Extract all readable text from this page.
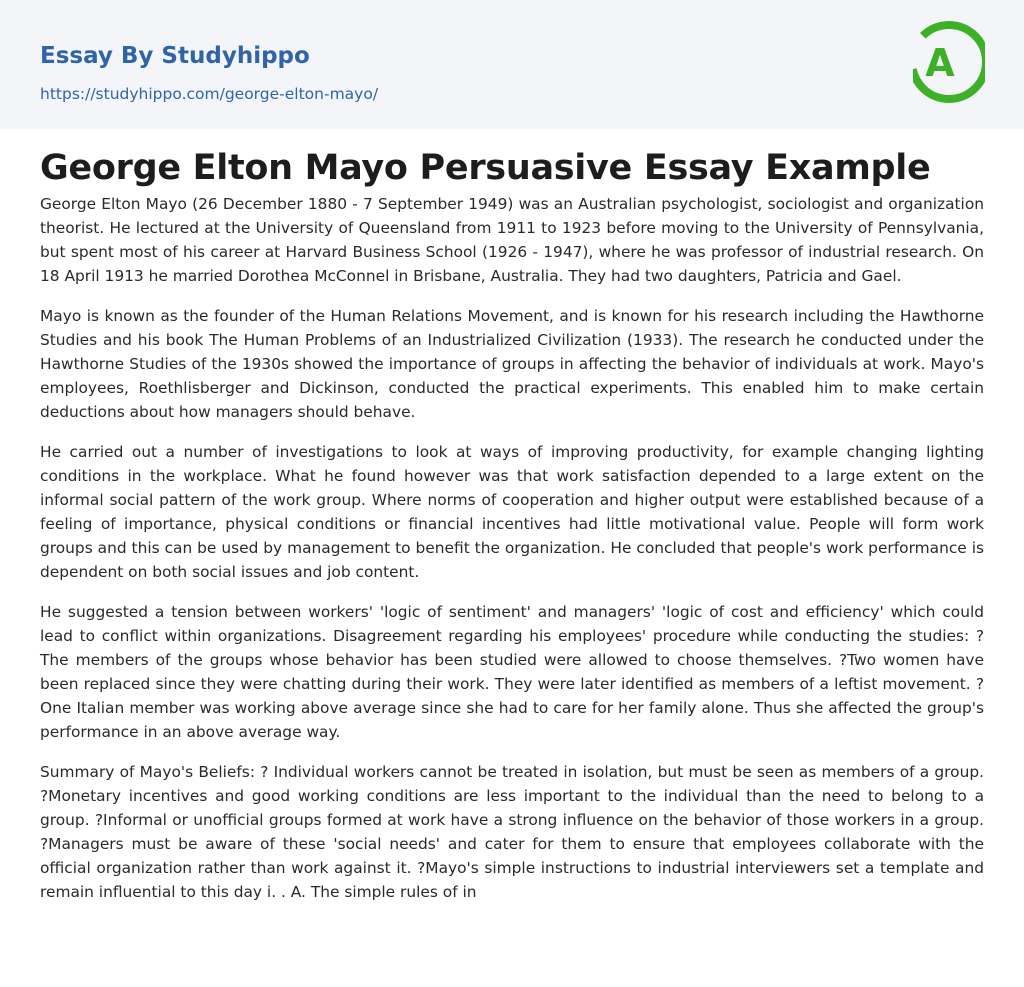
Essay By Studyhippo
https://studyhippo.com/george-elton-mayo/
A
George Elton Mayo Persuasive Essay Example

George Elton Mayo (26 December 1880 - 7 September 1949) was an Australian psychologist, sociologist and organization theorist. He lectured at the University of Queensland from 1911 to 1923 before moving to the University of Pennsylvania, but spent most of his career at Harvard Business School (1926 - 1947), where he was professor of industrial research. On 18 April 1913 he married Dorothea McConnel in Brisbane, Australia. They had two daughters, Patricia and Gael.

Mayo is known as the founder of the Human Relations Movement, and is known for his research including the Hawthorne Studies and his book The Human Problems of an Industrialized Civilization (1933). The research he conducted under the Hawthorne Studies of the 1930s showed the importance of groups in affecting the behavior of individuals at work. Mayo's employees, Roethlisberger and Dickinson, conducted the practical experiments. This enabled him to make certain deductions about how managers should behave.

He carried out a number of investigations to look at ways of improving productivity, for example changing lighting conditions in the workplace. What he found however was that work satisfaction depended to a large extent on the informal social pattern of the work group. Where norms of cooperation and higher output were established because of a feeling of importance, physical conditions or financial incentives had little motivational value. People will form work groups and this can be used by management to benefit the organization. He concluded that people's work performance is dependent on both social issues and job content.

He suggested a tension between workers' 'logic of sentiment' and managers' 'logic of cost and efficiency' which could lead to conflict within organizations. Disagreement regarding his employees' procedure while conducting the studies: ? The members of the groups whose behavior has been studied were allowed to choose themselves. ?Two women have been replaced since they were chatting during their work. They were later identified as members of a leftist movement. ?One Italian member was working above average since she had to care for her family alone. Thus she affected the group's performance in an above average way.

Summary of Mayo's Beliefs: ? Individual workers cannot be treated in isolation, but must be seen as members of a group. ?Monetary incentives and good working conditions are less important to the individual than the need to belong to a group. ?Informal or unofficial groups formed at work have a strong influence on the behavior of those workers in a group. ?Managers must be aware of these 'social needs' and cater for them to ensure that employees collaborate with the official organization rather than work against it. ?Mayo's simple instructions to industrial interviewers set a template and remain influential to this day i. . A. The simple rules of in
